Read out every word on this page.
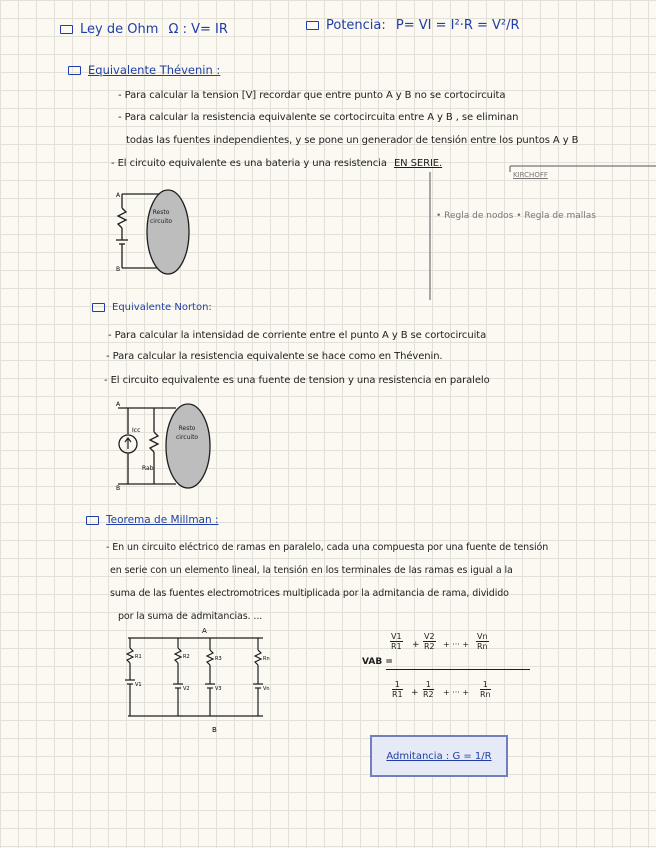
Ley de Ohm Ω : V= IR	Potencia: P= VI = I²·R = V²/R
Equivalente Thévenin :
- Para calcular la tension [V] recordar que entre punto A y B no se cortocircuita
- Para calcular la resistencia equivalente se cortocircuita entre A y B , se eliminan
todas las fuentes independientes, y se pone un generador de tensión entre los puntos A y B
- El circuito equivalente es una bateria y una resistencia EN SERIE.
A
B
Resto circuito
KIRCHOFF
• Regla de nodos • Regla de mallas
Equivalente Norton:
- Para calcular la intensidad de corriente entre el punto A y B se cortocircuita
- Para calcular la resistencia equivalente se hace como en Thévenin.
- El circuito equivalente es una fuente de tension y una resistencia en paralelo
A
B
Icc
Rab
Resto circuito
Teorema de Millman :
- En un circuito eléctrico de ramas en paralelo, cada una compuesta por una fuente de tensión
en serie con un elemento lineal, la tensión en los terminales de las ramas es igual a la
suma de las fuentes electromotrices multiplicada por la admitancia de rama, dividido
por la suma de admitancias. ...
A
B
R1	R2	R3	Rn
V1
V2	V3	Vn
VAB =
$\frac{V1}{R1} + \frac{V2}{R2}$ + ··· + $\frac{Vn}{Rn}$
$\frac{1}{R1} + \frac{1}{R2}$ + ··· + $\frac{1}{Rn}$
Admitancia : G = 1/R
